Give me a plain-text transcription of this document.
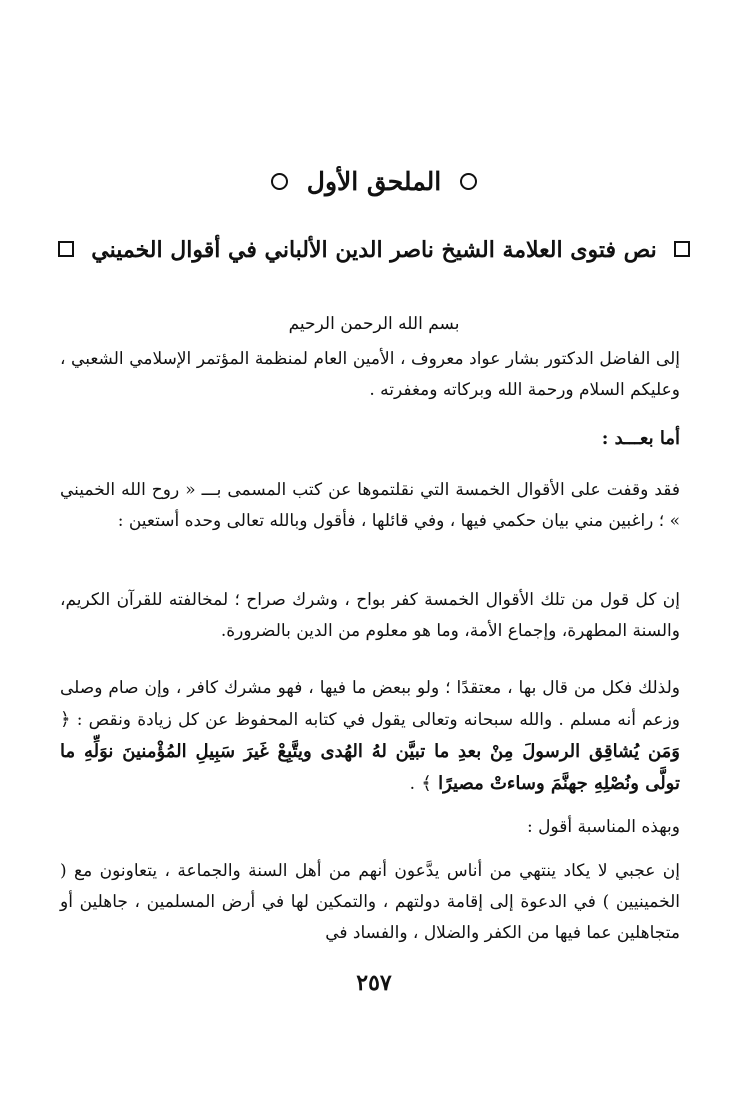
الملحق الأول
نص فتوى العلامة الشيخ ناصر الدين الألباني في أقوال الخميني
بسم الله الرحمن الرحيم
إلى الفاضل الدكتور بشار عواد معروف ، الأمين العام لمنظمة المؤتمر الإسلامي الشعبي ، وعليكم السلام ورحمة الله وبركاته ومغفرته .
أما بعـــد :
فقد وقفت على الأقوال الخمسة التي نقلتموها عن كتب المسمى بـــ « روح الله الخميني » ؛ راغبين مني بيان حكمي فيها ، وفي قائلها ، فأقول وبالله تعالى وحده أستعين :
إن كل قول من تلك الأقوال الخمسة كفر بواح ، وشرك صراح ؛ لمخالفته للقرآن الكريم، والسنة المطهرة، وإجماع الأمة، وما هو معلوم من الدين بالضرورة.
ولذلك فكل من قال بها ، معتقدًا ؛ ولو ببعض ما فيها ، فهو مشرك كافر ، وإن صام وصلى وزعم أنه مسلم . والله سبحانه وتعالى يقول في كتابه المحفوظ عن كل زيادة ونقص : ﴿ وَمَن يُشاقِق الرسولَ مِنْ بعدِ ما تبيَّن لهُ الهُدى ويتَّبِعْ غَيرَ سَبِيلِ المُؤْمنينَ نوَلِّهِ ما تولَّى ونُصْلِهِ جهنَّمَ وساءتْ مصيرًا ﴾ .
وبهذه المناسبة أقول :
إن عجبي لا يكاد ينتهي من أناس يدَّعون أنهم من أهل السنة والجماعة ، يتعاونون مع ( الخمينيين ) في الدعوة إلى إقامة دولتهم ، والتمكين لها في أرض المسلمين ، جاهلين أو متجاهلين عما فيها من الكفر والضلال ، والفساد في
٢٥٧
